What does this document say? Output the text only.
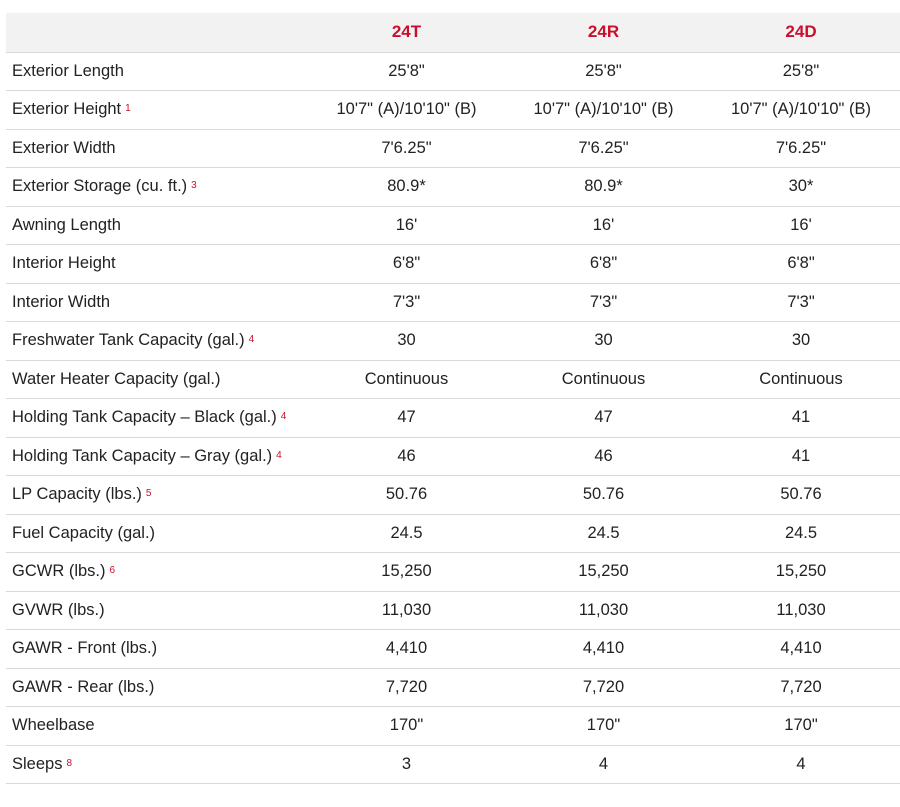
	24T	24R	24D
Exterior Length	25'8"	25'8"	25'8"
Exterior Height $^1$	10'7" (A)/10'10" (B)	10'7" (A)/10'10" (B)	10'7" (A)/10'10" (B)
Exterior Width	7'6.25"	7'6.25"	7'6.25"
Exterior Storage (cu. ft.) $^3$	80.9*	80.9*	30*
Awning Length	16'	16'	16'
Interior Height	6'8"	6'8"	6'8"
Interior Width	7'3"	7'3"	7'3"
Freshwater Tank Capacity (gal.) $^4$	30	30	30
Water Heater Capacity (gal.)	Continuous	Continuous	Continuous
Holding Tank Capacity – Black (gal.) $^4$	47	47	41
Holding Tank Capacity – Gray (gal.) $^4$	46	46	41
LP Capacity (lbs.) $^5$	50.76	50.76	50.76
Fuel Capacity (gal.)	24.5	24.5	24.5
GCWR (lbs.) $^6$	15,250	15,250	15,250
GVWR (lbs.)	11,030	11,030	11,030
GAWR - Front (lbs.)	4,410	4,410	4,410
GAWR - Rear (lbs.)	7,720	7,720	7,720
Wheelbase	170"	170"	170"
Sleeps $^8$	3	4	4
